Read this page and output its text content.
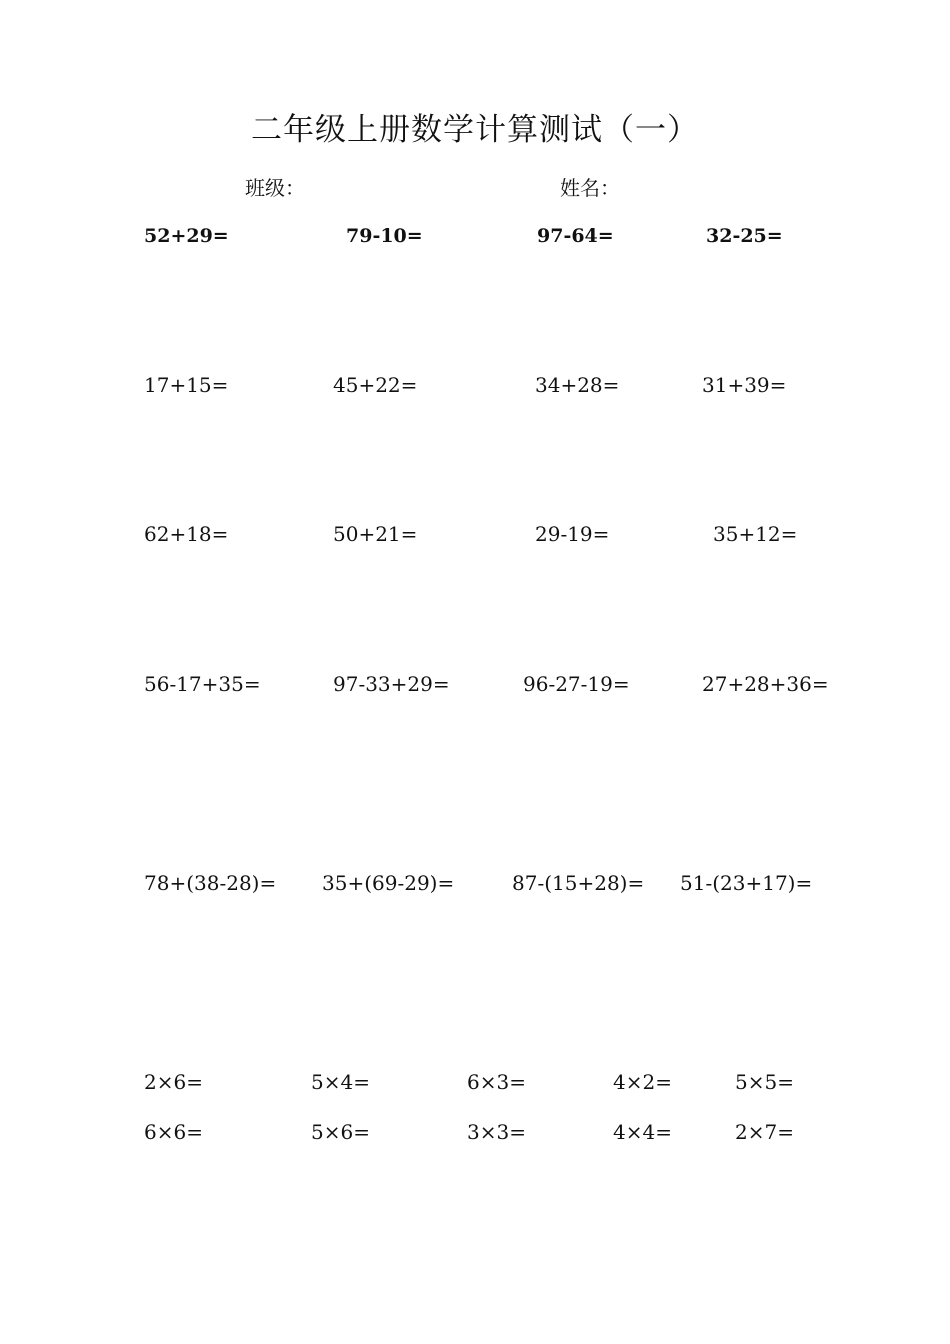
二年级上册数学计算测试（一）
班级：	姓名：
52+29=	79-10=	97-64=	32-25=
17+15=	45+22=	34+28=	31+39=
62+18=	50+21=	29-19=	35+12=
56-17+35=	97-33+29=	96-27-19=	27+28+36=
78+(38-28)= 35+(69-29)=	87-(15+28)= 51-(23+17)=
2×6=	5×4=	6×3=	4×2=	5×5=
6×6=	5×6=	3×3=	4×4=	2×7=
